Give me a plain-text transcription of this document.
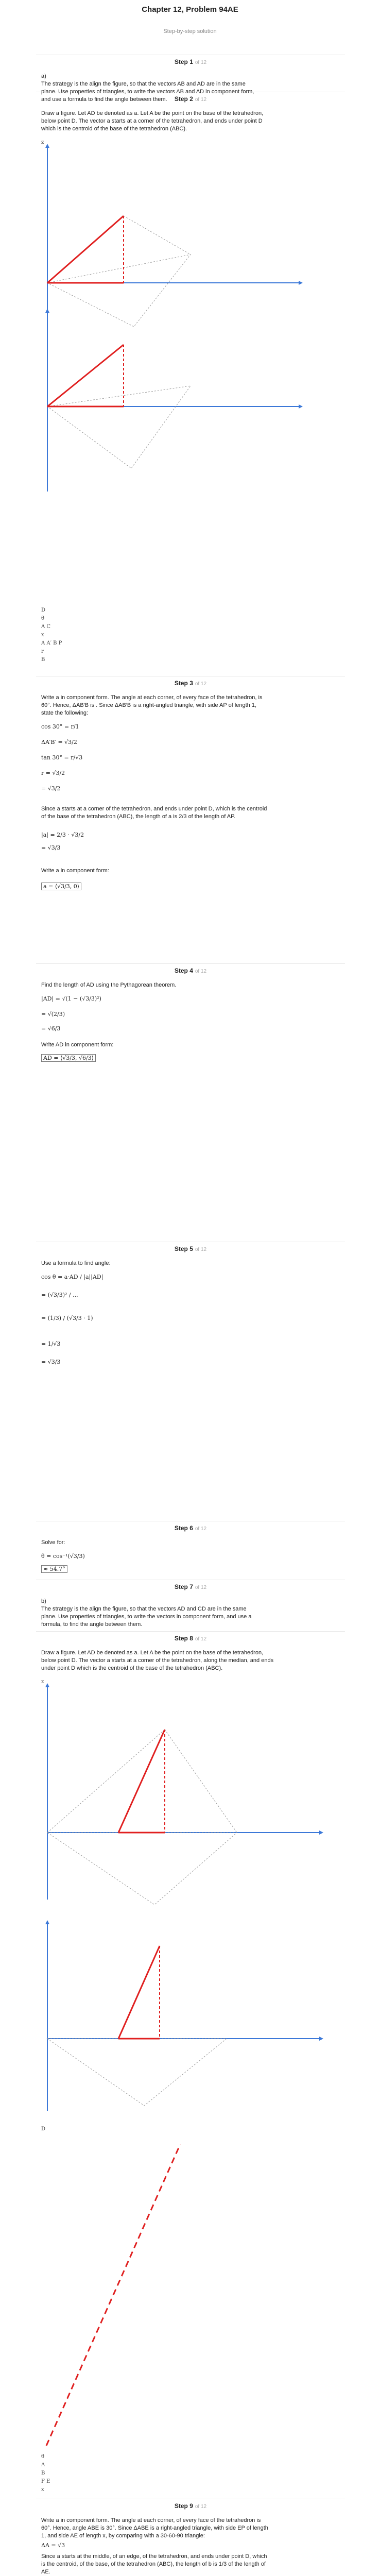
Chapter 12, Problem 94AE
Step-by-step solution
Step 1 of 12
a)
The strategy is the align the figure, so that the vectors AB and AD are in the same
plane. Use properties of triangles, to write the vectors AB and AD in component form,
and use a formula to find the angle between them.	Step 2 of 12
Draw a figure. Let AD be denoted as a. Let A be the point on the base of the tetrahedron,
below point D. The vector a starts at a corner of the tetrahedron, and ends under point D
which is the centroid of the base of the tetrahedron (ABC).
z
D
θ
A C
x
A A′ B P
r
B
Step 3 of 12
Write a in component form. The angle at each corner, of every face of the tetrahedron, is
60°. Hence, ΔAB′B is . Since ΔAB′B is a right-angled triangle, with side AP of length 1,
state the following:
cos 30° = r/1
ΔA′B′ = √3/2
tan 30° = r/√3
r = √3/2
= √3/2
Since a starts at a corner of the tetrahedron, and ends under point D, which is the centroid
of the base of the tetrahedron (ABC), the length of a is 2/3 of the length of AP.
|a| = 2/3 · √3/2
= √3/3
Write a in component form:
a = ⟨√3/3, 0⟩
Step 4 of 12
Find the length of AD using the Pythagorean theorem.
|AD| = √(1 − (√3/3)²)
= √(2/3)
= √6/3
Write AD in component form:
AD = ⟨√3/3, √6/3⟩
Step 5 of 12
Use a formula to find angle:
cos θ = a·AD / |a||AD|
= (√3/3)² / ...
= (1/3) / (√3/3 · 1)
= 1/√3
= √3/3
Step 6 of 12
Solve for:
θ = cos⁻¹(√3/3)
≈ 54.7°
Step 7 of 12
b)
The strategy is the align the figure, so that the vectors AD and CD are in the same
plane. Use properties of triangles, to write the vectors in component form, and use a
formula, to find the angle between them.
Step 8 of 12
Draw a figure. Let AD be denoted as a. Let A be the point on the base of the tetrahedron,
below point D. The vector a starts at a corner of the tetrahedron, along the median, and ends
under point D which is the centroid of the base of the tetrahedron (ABC).
z
D
θ
A
B
F E
x
Step 9 of 12
Write a in component form. The angle at each corner, of every face of the tetrahedron is
60°. Hence, angle ABE is 30°. Since ΔABE is a right-angled triangle, with side EP of length
1, and side AE of length x, by comparing with a 30-60-90 triangle:
ΔA = √3
Since a starts at the middle, of an edge, of the tetrahedron, and ends under point D, which
is the centroid, of the base, of the tetrahedron (ABC), the length of b is 1/3 of the length of
AE.
